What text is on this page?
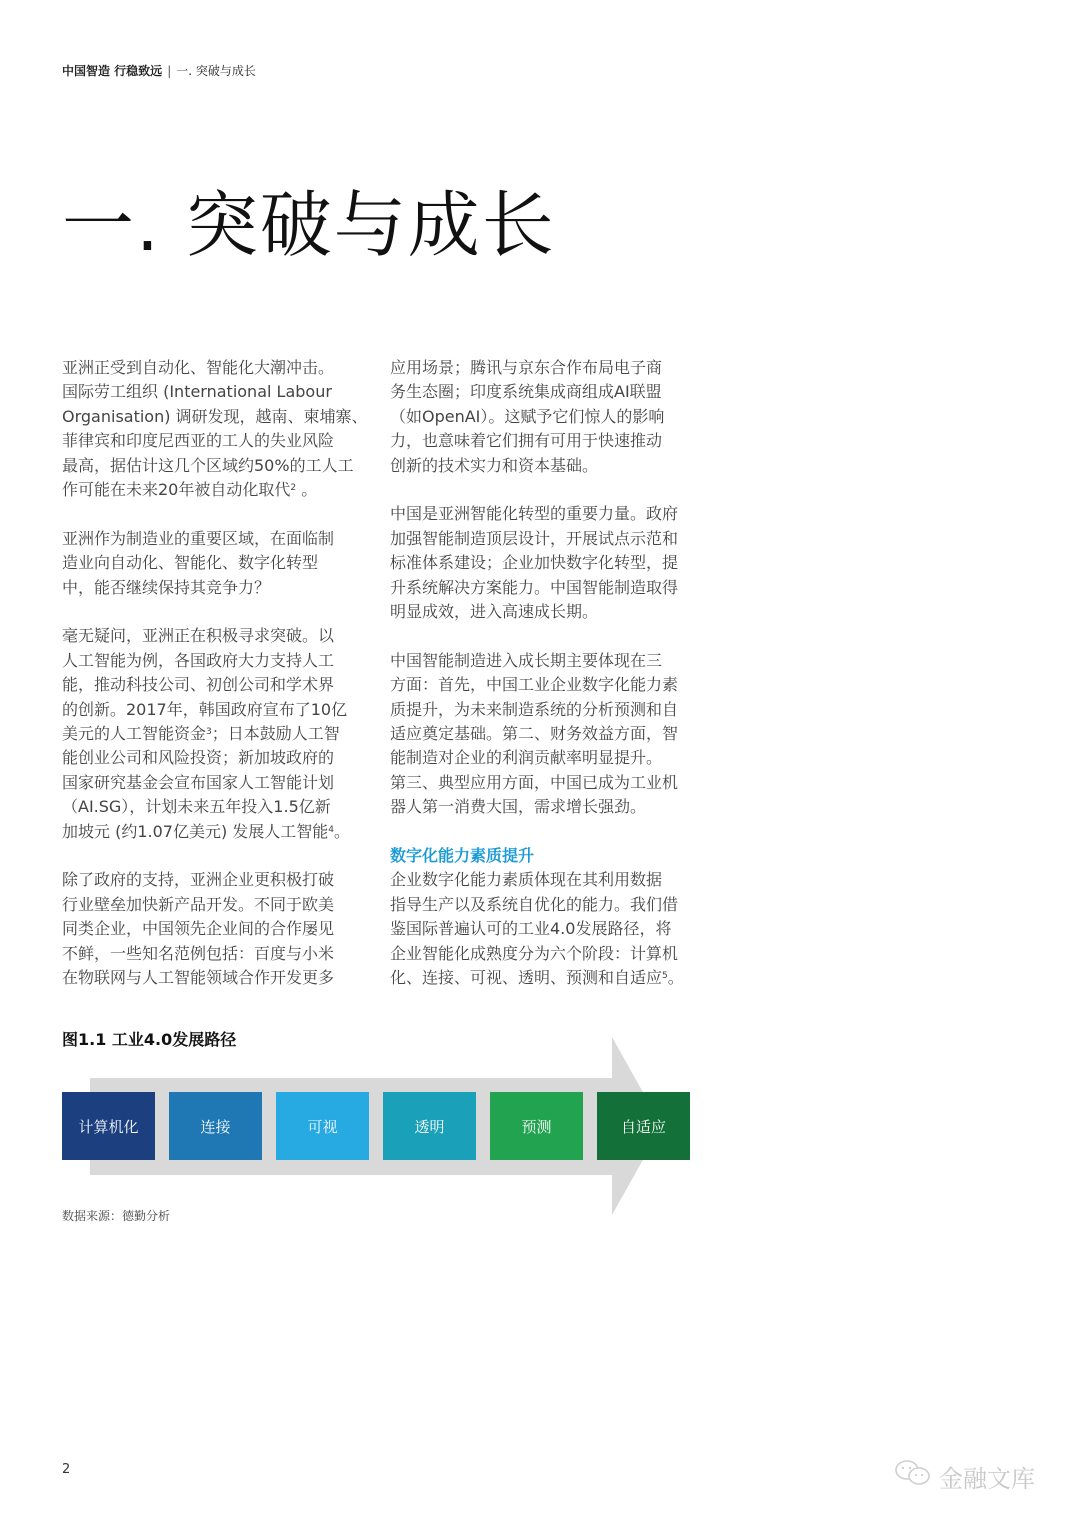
中国智造 行稳致远 | 一. 突破与成长
一. 突破与成长
亚洲正受到自动化、智能化大潮冲击。
国际劳工组织 (International Labour
Organisation) 调研发现，越南、柬埔寨、
菲律宾和印度尼西亚的工人的失业风险
最高，据估计这几个区域约50%的工人工
作可能在未来20年被自动化取代$^2$ 。
亚洲作为制造业的重要区域，在面临制
造业向自动化、智能化、数字化转型
中，能否继续保持其竞争力？
毫无疑问，亚洲正在积极寻求突破。以
人工智能为例，各国政府大力支持人工
能，推动科技公司、初创公司和学术界
的创新。2017年，韩国政府宣布了10亿
美元的人工智能资金$^3$；日本鼓励人工智
能创业公司和风险投资；新加坡政府的
国家研究基金会宣布国家人工智能计划
（AI.SG），计划未来五年投入1.5亿新
加坡元 (约1.07亿美元) 发展人工智能$^4$。
除了政府的支持，亚洲企业更积极打破
行业壁垒加快新产品开发。不同于欧美
同类企业，中国领先企业间的合作屡见
不鲜，一些知名范例包括：百度与小米
在物联网与人工智能领域合作开发更多
应用场景；腾讯与京东合作布局电子商
务生态圈；印度系统集成商组成AI联盟
（如OpenAI）。这赋予它们惊人的影响
力，也意味着它们拥有可用于快速推动
创新的技术实力和资本基础。
中国是亚洲智能化转型的重要力量。政府
加强智能制造顶层设计，开展试点示范和
标准体系建设；企业加快数字化转型，提
升系统解决方案能力。中国智能制造取得
明显成效，进入高速成长期。
中国智能制造进入成长期主要体现在三
方面：首先，中国工业企业数字化能力素
质提升，为未来制造系统的分析预测和自
适应奠定基础。第二、财务效益方面，智
能制造对企业的利润贡献率明显提升。
第三、典型应用方面，中国已成为工业机
器人第一消费大国，需求增长强劲。
数字化能力素质提升
企业数字化能力素质体现在其利用数据
指导生产以及系统自优化的能力。我们借
鉴国际普遍认可的工业4.0发展路径，将
企业智能化成熟度分为六个阶段：计算机
化、连接、可视、透明、预测和自适应$^5$。
图1.1 工业4.0发展路径
计算机化	连接	可视	透明	预测	自适应
数据来源：德勤分析
2	金融文库
